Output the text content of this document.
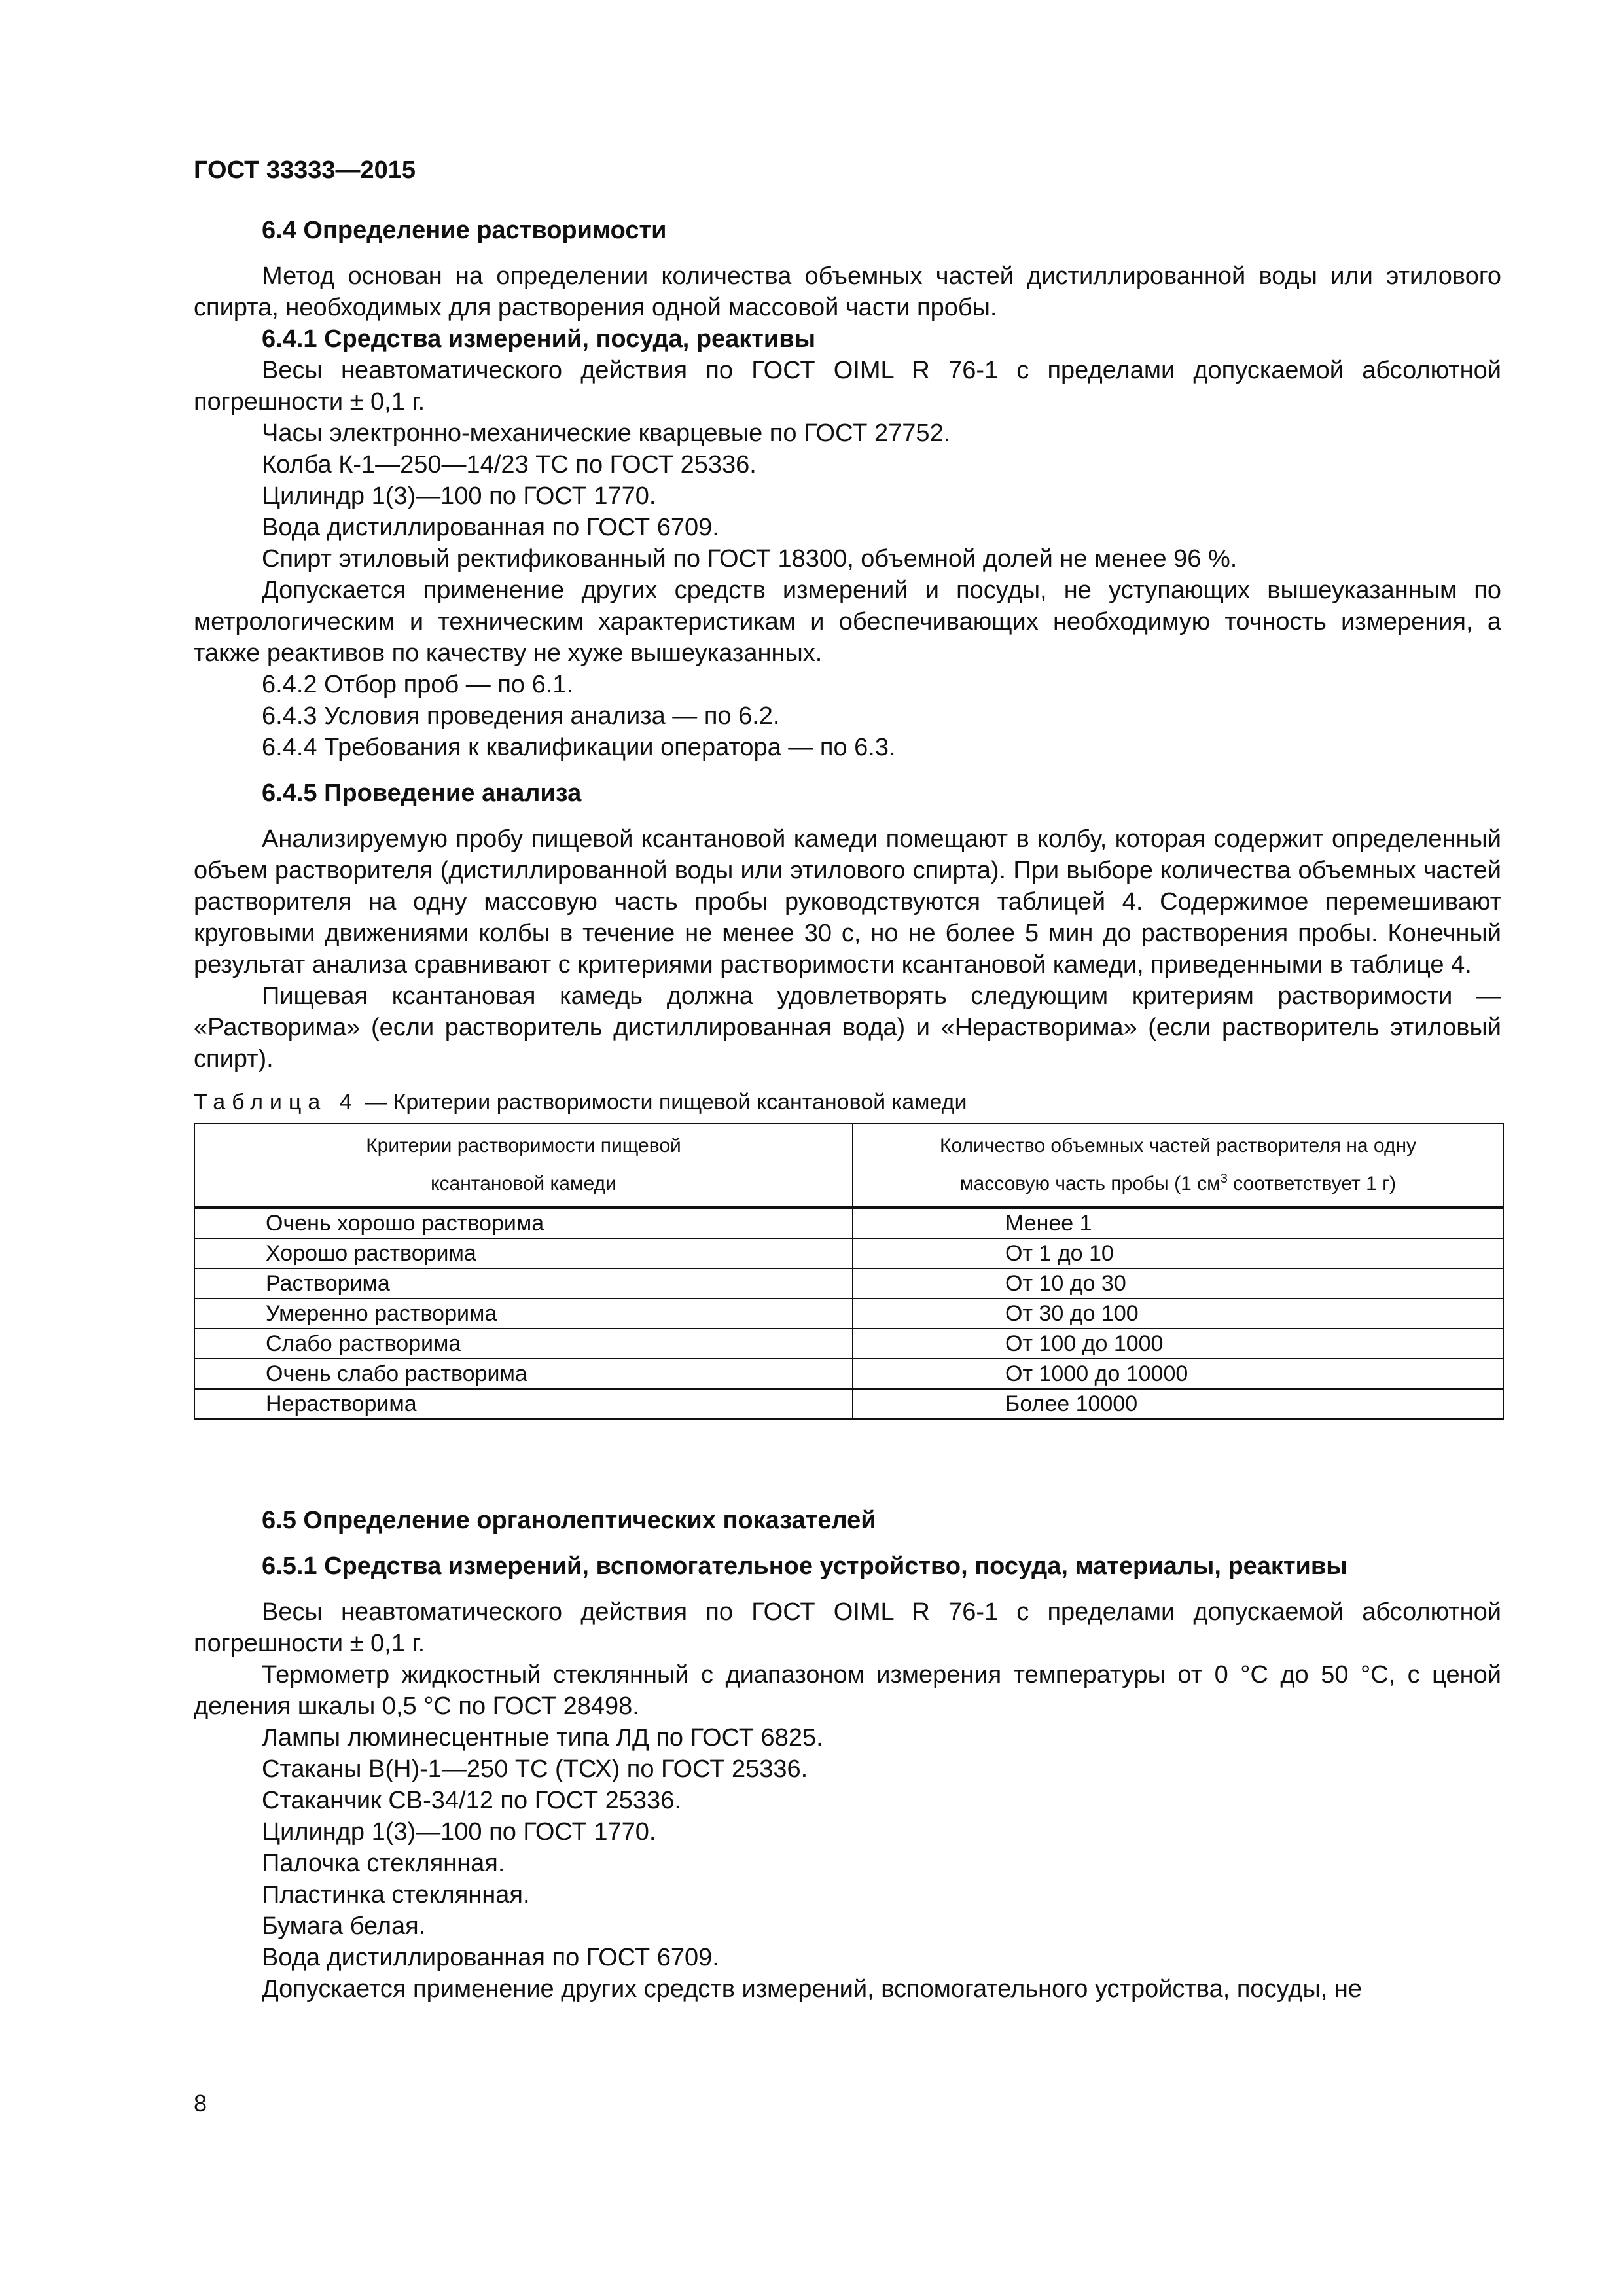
ГОСТ 33333—2015

6.4 Определение растворимости

Метод основан на определении количества объемных частей дистиллированной воды или этилового спирта, необходимых для растворения одной массовой части пробы.

6.4.1 Средства измерений, посуда, реактивы

Весы неавтоматического действия по ГОСТ OIML R 76-1 с пределами допускаемой абсолютной погрешности ± 0,1 г.

Часы электронно-механические кварцевые по ГОСТ 27752.

Колба К-1—250—14/23 ТС по ГОСТ 25336.

Цилиндр 1(3)—100 по ГОСТ 1770.

Вода дистиллированная по ГОСТ 6709.

Спирт этиловый ректификованный по ГОСТ 18300, объемной долей не менее 96 %.

Допускается применение других средств измерений и посуды, не уступающих вышеуказанным по метрологическим и техническим характеристикам и обеспечивающих необходимую точность измерения, а также реактивов по качеству не хуже вышеуказанных.

6.4.2 Отбор проб — по 6.1.

6.4.3 Условия проведения анализа — по 6.2.

6.4.4 Требования к квалификации оператора — по 6.3.

6.4.5 Проведение анализа

Анализируемую пробу пищевой ксантановой камеди помещают в колбу, которая содержит определенный объем растворителя (дистиллированной воды или этилового спирта). При выборе количества объемных частей растворителя на одну массовую часть пробы руководствуются таблицей 4. Содержимое перемешивают круговыми движениями колбы в течение не менее 30 с, но не более 5 мин до растворения пробы. Конечный результат анализа сравнивают с критериями растворимости ксантановой камеди, приведенными в таблице 4.

Пищевая ксантановая камедь должна удовлетворять следующим критериям растворимости — «Растворима» (если растворитель дистиллированная вода) и «Нерастворима» (если растворитель этиловый спирт).

Таблица 4 — Критерии растворимости пищевой ксантановой камеди

Критерии растворимости пищевой
ксантановой камеди	Количество объемных частей растворителя на одну
массовую часть пробы (1 $см^3$ соответствует 1 г)
Очень хорошо растворима	Менее 1
Хорошо растворима	От 1 до 10
Растворима	От 10 до 30
Умеренно растворима	От 30 до 100
Слабо растворима	От 100 до 1000
Очень слабо растворима	От 1000 до 10000
Нерастворима	Более 10000

6.5 Определение органолептических показателей

6.5.1 Средства измерений, вспомогательное устройство, посуда, материалы, реактивы

Весы неавтоматического действия по ГОСТ OIML R 76-1 с пределами допускаемой абсолютной погрешности ± 0,1 г.

Термометр жидкостный стеклянный с диапазоном измерения температуры от 0 °С до 50 °С, с ценой деления шкалы 0,5 °С по ГОСТ 28498.

Лампы люминесцентные типа ЛД по ГОСТ 6825.

Стаканы В(Н)-1—250 ТС (ТСХ) по ГОСТ 25336.

Стаканчик СВ-34/12 по ГОСТ 25336.

Цилиндр 1(3)—100 по ГОСТ 1770.

Палочка стеклянная.

Пластинка стеклянная.

Бумага белая.

Вода дистиллированная по ГОСТ 6709.

Допускается применение других средств измерений, вспомогательного устройства, посуды, не

8
